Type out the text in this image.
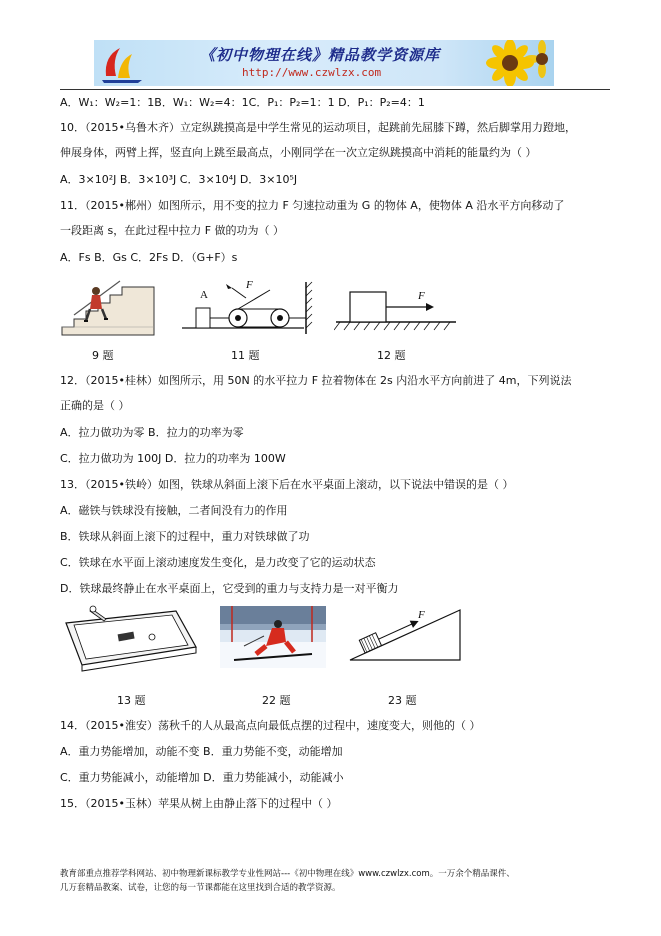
《初中物理在线》精品教学资源库
http://www.czwlzx.com
A．W₁：W₂=1：1B．W₁：W₂=4：1C．P₁：P₂=1：1 D．P₁：P₂=4：1
10．（2015•乌鲁木齐）立定纵跳摸高是中学生常见的运动项目，起跳前先屈膝下蹲，然后脚掌用力蹬地，
伸展身体，两臂上挥，竖直向上跳至最高点，小刚同学在一次立定纵跳摸高中消耗的能量约为（ ）
A．3×10²J B．3×10³J C．3×10⁴J D．3×10⁵J
11．（2015•郴州）如图所示，用不变的拉力 F 匀速拉动重为 G 的物体 A，使物体 A 沿水平方向移动了
一段距离 s，在此过程中拉力 F 做的功为（ ）
A．Fs B．Gs C．2Fs D．（G+F）s
A
F
F
9 题	11 题	12 题
12．（2015•桂林）如图所示，用 50N 的水平拉力 F 拉着物体在 2s 内沿水平方向前进了 4m，下列说法
正确的是（ ）
A．拉力做功为零 B．拉力的功率为零
C．拉力做功为 100J D．拉力的功率为 100W
13．（2015•铁岭）如图，铁球从斜面上滚下后在水平桌面上滚动，以下说法中错误的是（ ）
A．磁铁与铁球没有接触，二者间没有力的作用
B．铁球从斜面上滚下的过程中，重力对铁球做了功
C．铁球在水平面上滚动速度发生变化，是力改变了它的运动状态
D．铁球最终静止在水平桌面上，它受到的重力与支持力是一对平衡力
F
13 题	22 题	23 题
14．（2015•淮安）荡秋千的人从最高点向最低点摆的过程中，速度变大，则他的（ ）
A．重力势能增加，动能不变 B．重力势能不变，动能增加
C．重力势能减小，动能增加 D．重力势能减小，动能减小
15．（2015•玉林）苹果从树上由静止落下的过程中（ ）
教育部重点推荐学科网站、初中物理新课标教学专业性网站---《初中物理在线》www.czwlzx.com。一万余个精品课件、
几万套精品教案、试卷，让您的每一节课都能在这里找到合适的教学资源。
